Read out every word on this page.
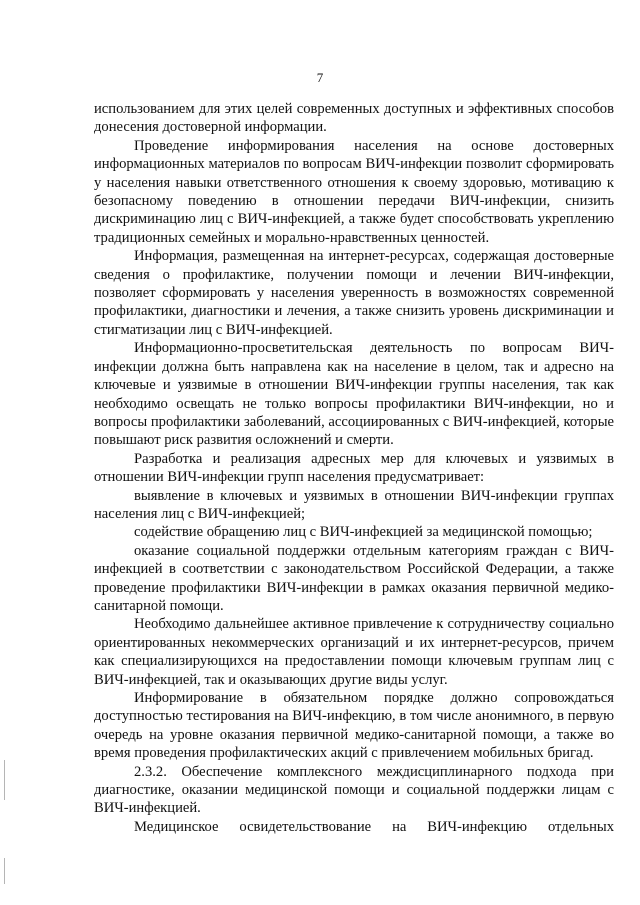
7

использованием для этих целей современных доступных и эффективных способов донесения достоверной информации.

Проведение информирования населения на основе достоверных информационных материалов по вопросам ВИЧ-инфекции позволит сформировать у населения навыки ответственного отношения к своему здоровью, мотивацию к безопасному поведению в отношении передачи ВИЧ-инфекции, снизить дискриминацию лиц с ВИЧ-инфекцией, а также будет способствовать укреплению традиционных семейных и морально-нравственных ценностей.

Информация, размещенная на интернет-ресурсах, содержащая достоверные сведения о профилактике, получении помощи и лечении ВИЧ-инфекции, позволяет сформировать у населения уверенность в возможностях современной профилактики, диагностики и лечения, а также снизить уровень дискриминации и стигматизации лиц с ВИЧ-инфекцией.

Информационно-просветительская деятельность по вопросам ВИЧ-инфекции должна быть направлена как на население в целом, так и адресно на ключевые и уязвимые в отношении ВИЧ-инфекции группы населения, так как необходимо освещать не только вопросы профилактики ВИЧ-инфекции, но и вопросы профилактики заболеваний, ассоциированных с ВИЧ-инфекцией, которые повышают риск развития осложнений и смерти.

Разработка и реализация адресных мер для ключевых и уязвимых в отношении ВИЧ-инфекции групп населения предусматривает:

выявление в ключевых и уязвимых в отношении ВИЧ-инфекции группах населения лиц с ВИЧ-инфекцией;

содействие обращению лиц с ВИЧ-инфекцией за медицинской помощью;

оказание социальной поддержки отдельным категориям граждан с ВИЧ-инфекцией в соответствии с законодательством Российской Федерации, а также проведение профилактики ВИЧ-инфекции в рамках оказания первичной медико-санитарной помощи.

Необходимо дальнейшее активное привлечение к сотрудничеству социально ориентированных некоммерческих организаций и их интернет-ресурсов, причем как специализирующихся на предоставлении помощи ключевым группам лиц с ВИЧ-инфекцией, так и оказывающих другие виды услуг.

Информирование в обязательном порядке должно сопровождаться доступностью тестирования на ВИЧ-инфекцию, в том числе анонимного, в первую очередь на уровне оказания первичной медико-санитарной помощи, а также во время проведения профилактических акций с привлечением мобильных бригад.

2.3.2. Обеспечение комплексного междисциплинарного подхода при диагностике, оказании медицинской помощи и социальной поддержки лицам с ВИЧ-инфекцией.

Медицинское освидетельствование на ВИЧ-инфекцию отдельных
